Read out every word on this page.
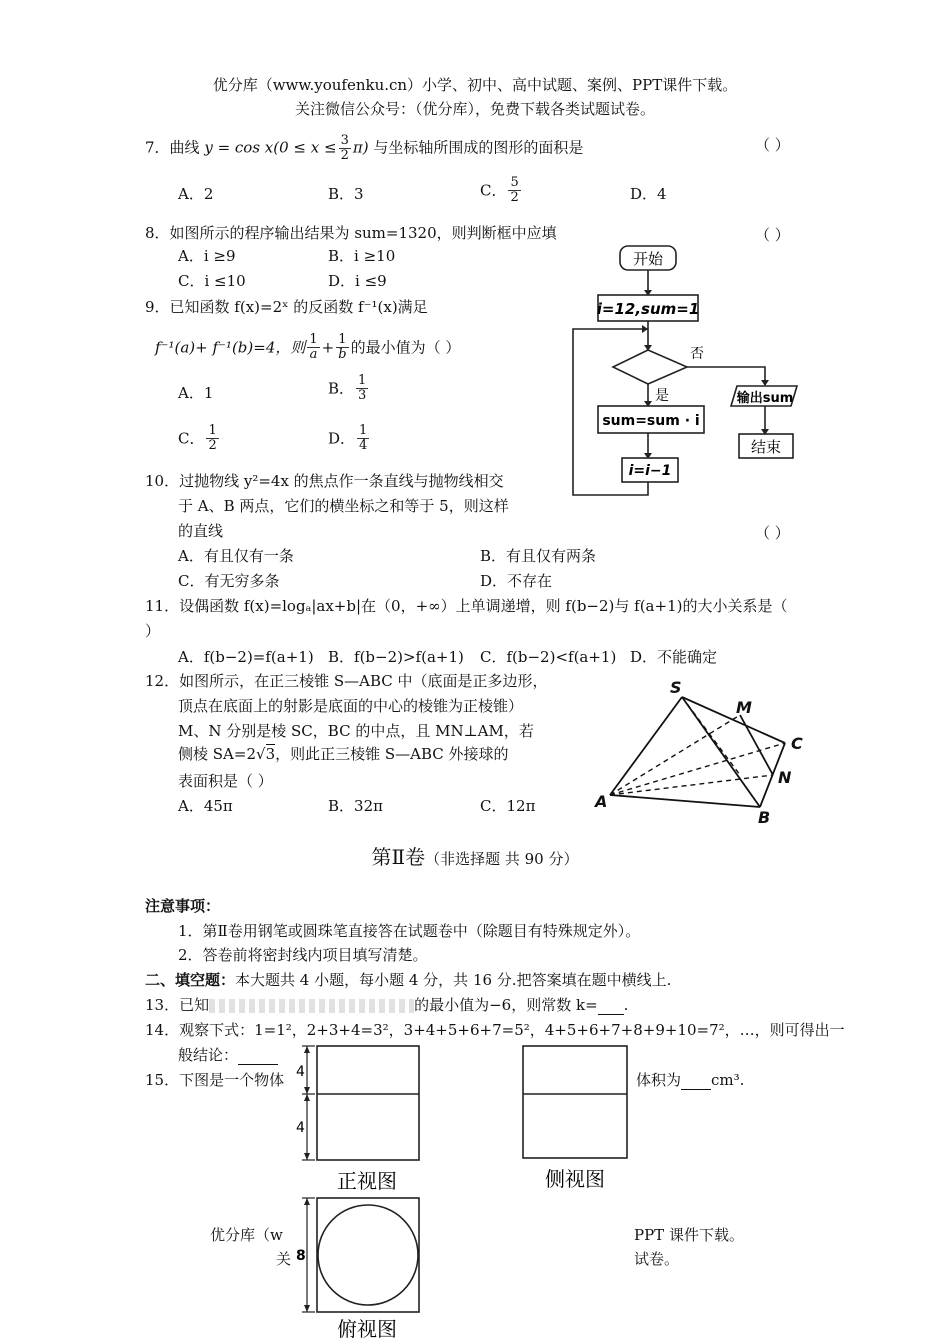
优分库（www.youfenku.cn）小学、初中、高中试题、案例、PPT课件下载。
关注微信公众号：（优分库），免费下载各类试题试卷。
7．曲线 $y = \cos x(0 \le x \le \frac{3}{2} \pi)$ 与坐标轴所围成的图形的面积是	（ ）
A．2	B．3	C． $\frac{5}{2}$	D．4
8．如图所示的程序输出结果为 sum=1320，则判断框中应填	（ ）
A．i ≥9	B．i ≥10
C．i ≤10	D．i ≤9
开始
i=12,sum=1
否
是
sum=sum · i
输出sum
i=i−1
结束
9．已知函数 f(x)=2ˣ 的反函数 f⁻¹(x)满足
f⁻¹(a)+ f⁻¹(b)=4，则 $\frac{1}{a} + \frac{1}{b}$ 的最小值为（ ）
A．1	B． $\frac{1}{3}$
C． $\frac{1}{2}$	D． $\frac{1}{4}$
10．过抛物线 y²=4x 的焦点作一条直线与抛物线相交
于 A、B 两点，它们的横坐标之和等于 5，则这样
的直线	（ ）
A．有且仅有一条	B．有且仅有两条
C．有无穷多条	D．不存在
11．设偶函数 f(x)=logₐ|ax+b|在（0，+∞）上单调递增，则 f(b−2)与 f(a+1)的大小关系是（
）
A．f(b−2)=f(a+1) B．f(b−2)>f(a+1) C．f(b−2)<f(a+1) D．不能确定
12．如图所示，在正三棱锥 S—ABC 中（底面是正多边形，
顶点在底面上的射影是底面的中心的棱锥为正棱锥）
M、N 分别是棱 SC，BC 的中点，且 MN⊥AM，若
侧棱 SA=2√3，则此正三棱锥 S—ABC 外接球的
表面积是（ ）
A．45π	B．32π	C．12π
S
M
C
N
A
B
第Ⅱ卷（非选择题 共 90 分）
注意事项：
1．第Ⅱ卷用钢笔或圆珠笔直接答在试题卷中（除题目有特殊规定外）。
2．答卷前将密封线内项目填写清楚。
二、填空题：本大题共 4 小题，每小题 4 分，共 16 分.把答案填在题中横线上.
13．已知	的最小值为−6，则常数 k= .
14．观察下式：1=1²，2+3+4=3²，3+4+5+6+7=5²，4+5+6+7+8+9+10=7²，…，则可得出一
般结论：
15．下图是一个物体	体积为 cm³.
优分库（w	PPT 课件下载。
关	试卷。
4
4
正视图	侧视图
8
俯视图
